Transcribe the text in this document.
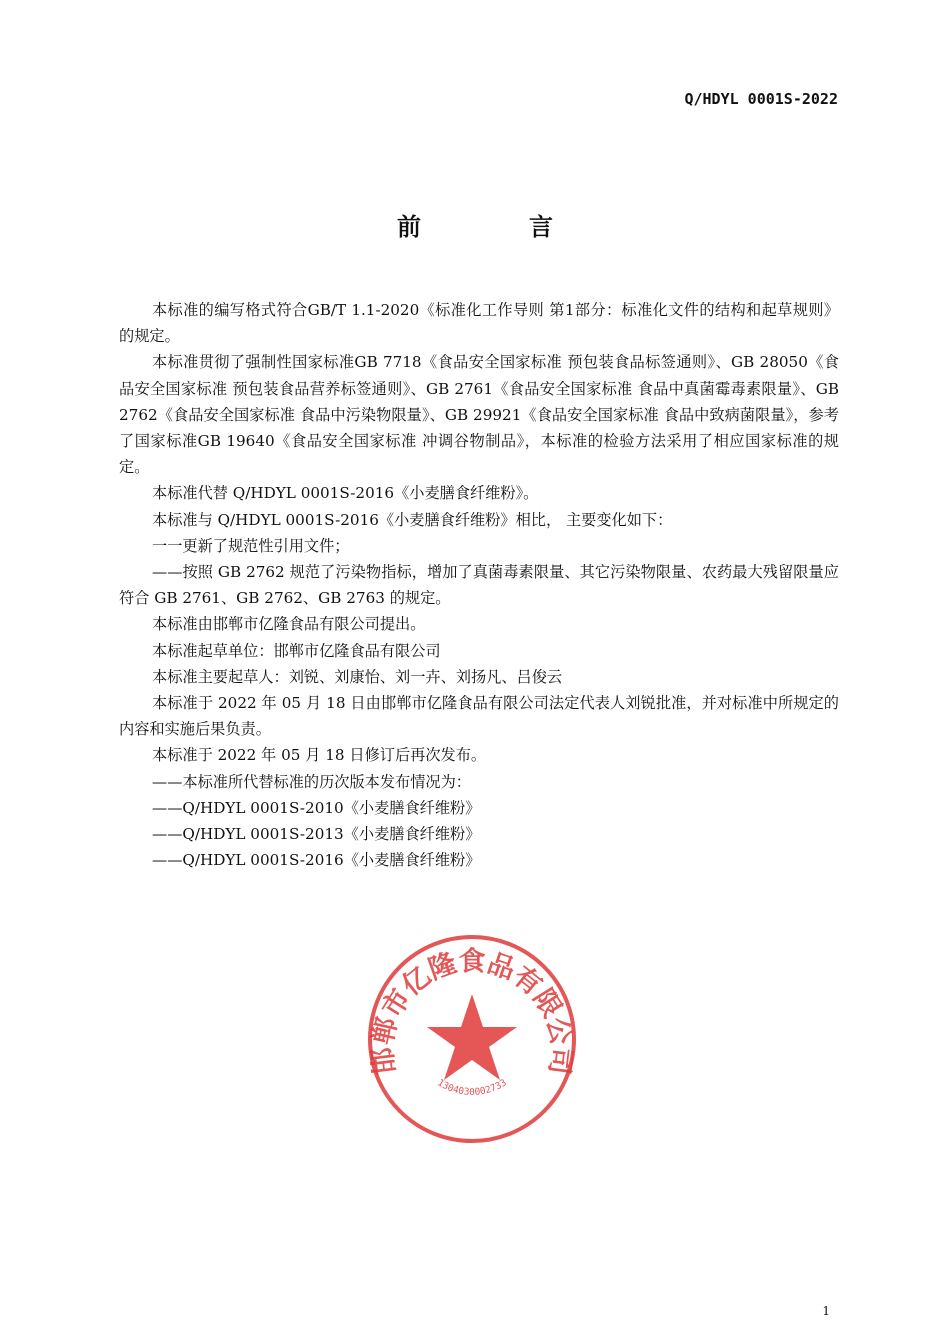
Q/HDYL 0001S-2022
前	言

本标准的编写格式符合GB/T 1.1-2020《标准化工作导则 第1部分：标准化文件的结构和起草规则》的规定。

本标准贯彻了强制性国家标准GB 7718《食品安全国家标准 预包装食品标签通则》、GB 28050《食品安全国家标准 预包装食品营养标签通则》、GB 2761《食品安全国家标准 食品中真菌霉毒素限量》、GB 2762《食品安全国家标准 食品中污染物限量》、GB 29921《食品安全国家标准 食品中致病菌限量》，参考了国家标准GB 19640《食品安全国家标准 冲调谷物制品》，本标准的检验方法采用了相应国家标准的规定。

本标准代替 Q/HDYL 0001S-2016《小麦膳食纤维粉》。

本标准与 Q/HDYL 0001S-2016《小麦膳食纤维粉》相比， 主要变化如下：

一一更新了规范性引用文件；

——按照 GB 2762 规范了污染物指标，增加了真菌毒素限量、其它污染物限量、农药最大残留限量应符合 GB 2761、GB 2762、GB 2763 的规定。

本标准由邯郸市亿隆食品有限公司提出。

本标准起草单位：邯郸市亿隆食品有限公司

本标准主要起草人：刘锐、刘康怡、刘一卉、刘扬凡、吕俊云

本标准于 2022 年 05 月 18 日由邯郸市亿隆食品有限公司法定代表人刘锐批准，并对标准中所规定的内容和实施后果负责。

本标准于 2022 年 05 月 18 日修订后再次发布。

——本标准所代替标准的历次版本发布情况为：

——Q/HDYL 0001S-2010《小麦膳食纤维粉》

——Q/HDYL 0001S-2013《小麦膳食纤维粉》

——Q/HDYL 0001S-2016《小麦膳食纤维粉》

邯郸市亿隆食品有限公司
1304030002733
1
